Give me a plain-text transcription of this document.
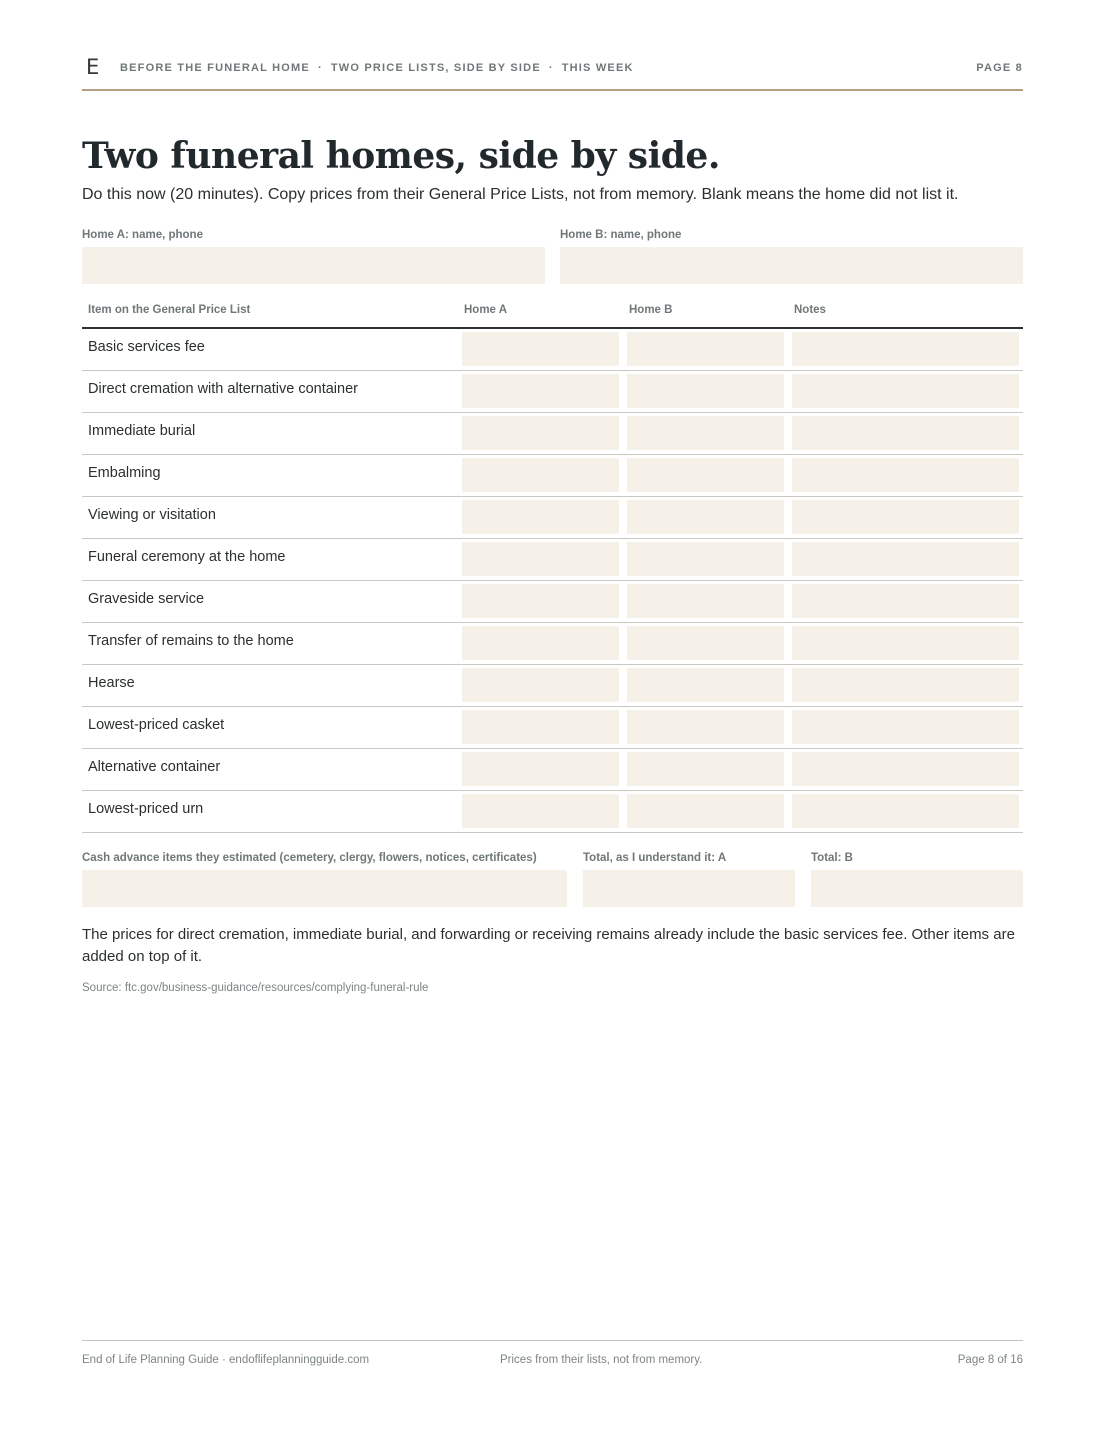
E BEFORE THE FUNERAL HOME · TWO PRICE LISTS, SIDE BY SIDE · THIS WEEK	PAGE 8
Two funeral homes, side by side.
Do this now (20 minutes). Copy prices from their General Price Lists, not from memory. Blank means the home did not list it.
Home A: name, phone	Home B: name, phone
Item on the General Price List	Home A	Home B	Notes
Basic services fee
Direct cremation with alternative container
Immediate burial
Embalming
Viewing or visitation
Funeral ceremony at the home
Graveside service
Transfer of remains to the home
Hearse
Lowest-priced casket
Alternative container
Lowest-priced urn
Cash advance items they estimated (cemetery, clergy, flowers, notices, certificates)	Total, as I understand it: A	Total: B
The prices for direct cremation, immediate burial, and forwarding or receiving remains already include the basic services fee. Other items are added on top of it.
Source: ftc.gov/business-guidance/resources/complying-funeral-rule
End of Life Planning Guide · endoflifeplanningguide.com	Prices from their lists, not from memory.	Page 8 of 16
